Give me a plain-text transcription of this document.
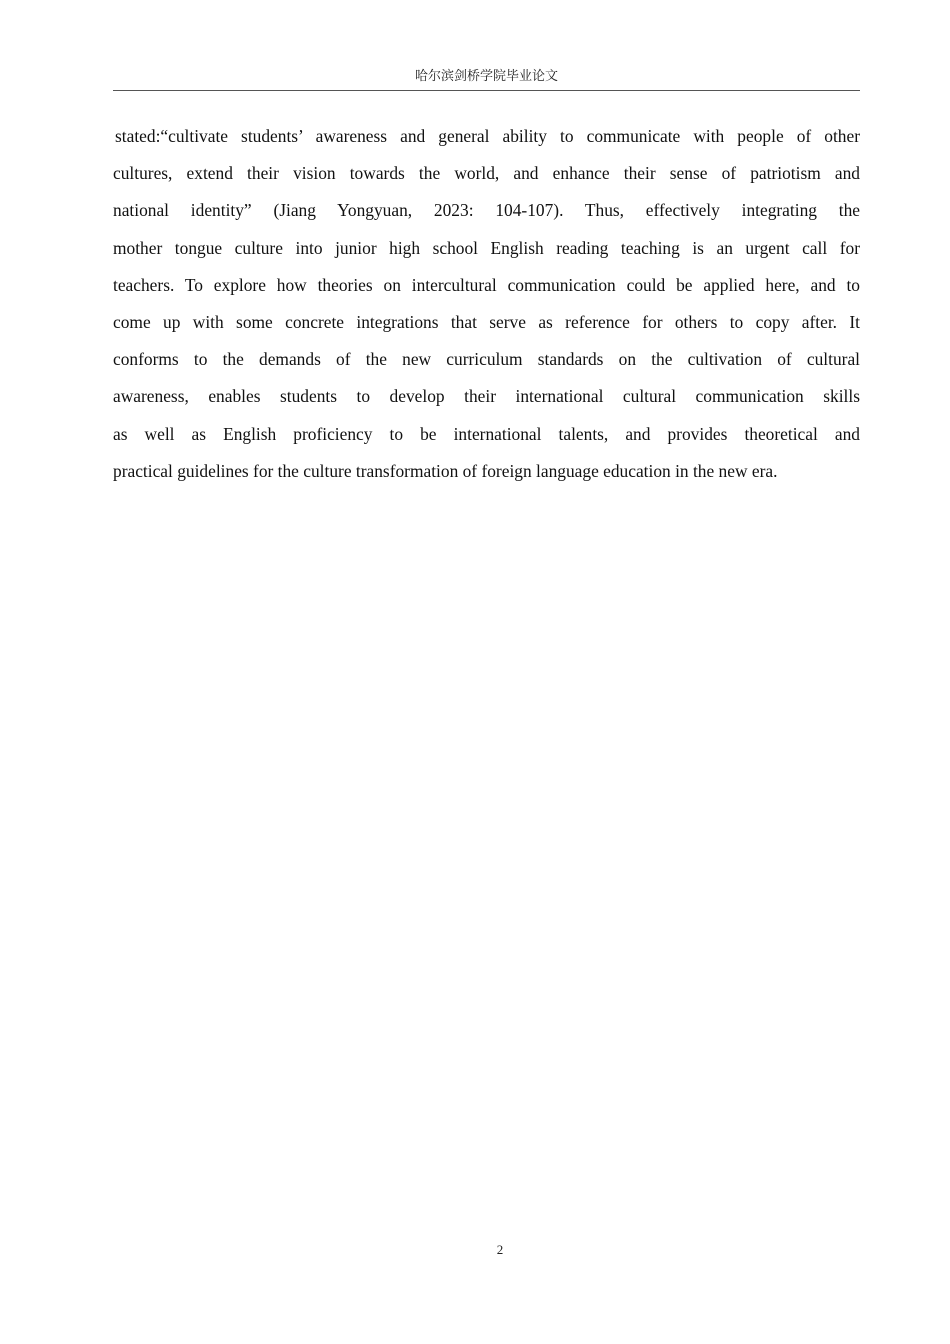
哈尔滨剑桥学院毕业论文
stated:“cultivate students’ awareness and general ability to communicate with people of other
cultures, extend their vision towards the world, and enhance their sense of patriotism and
national identity” (Jiang Yongyuan, 2023: 104-107). Thus, effectively integrating the
mother tongue culture into junior high school English reading teaching is an urgent call for
teachers. To explore how theories on intercultural communication could be applied here, and to
come up with some concrete integrations that serve as reference for others to copy after. It
conforms to the demands of the new curriculum standards on the cultivation of cultural
awareness, enables students to develop their international cultural communication skills
as well as English proficiency to be international talents, and provides theoretical and
practical guidelines for the culture transformation of foreign language education in the new era.
2
